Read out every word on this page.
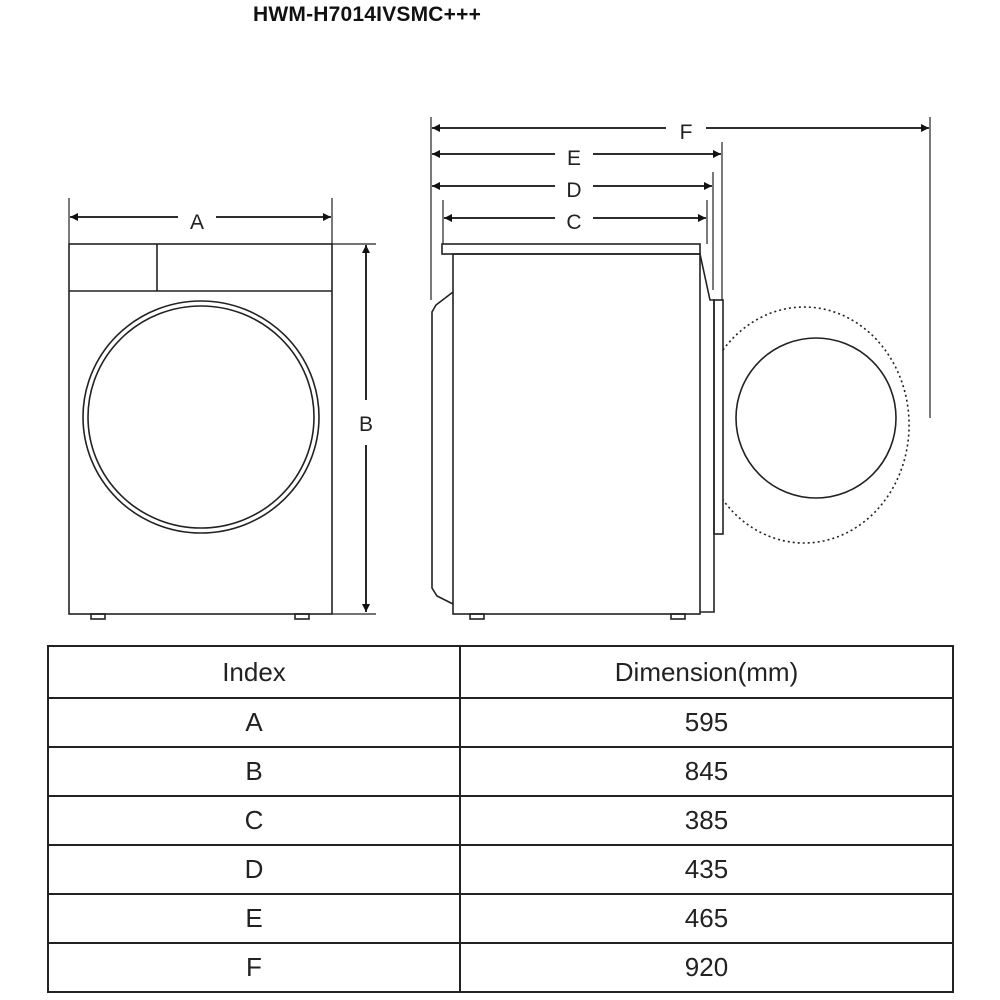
HWM-H7014IVSMC+++
A
B
F
E
D
C
Index	Dimension(mm)
A	595
B	845
C	385
D	435
E	465
F	920
